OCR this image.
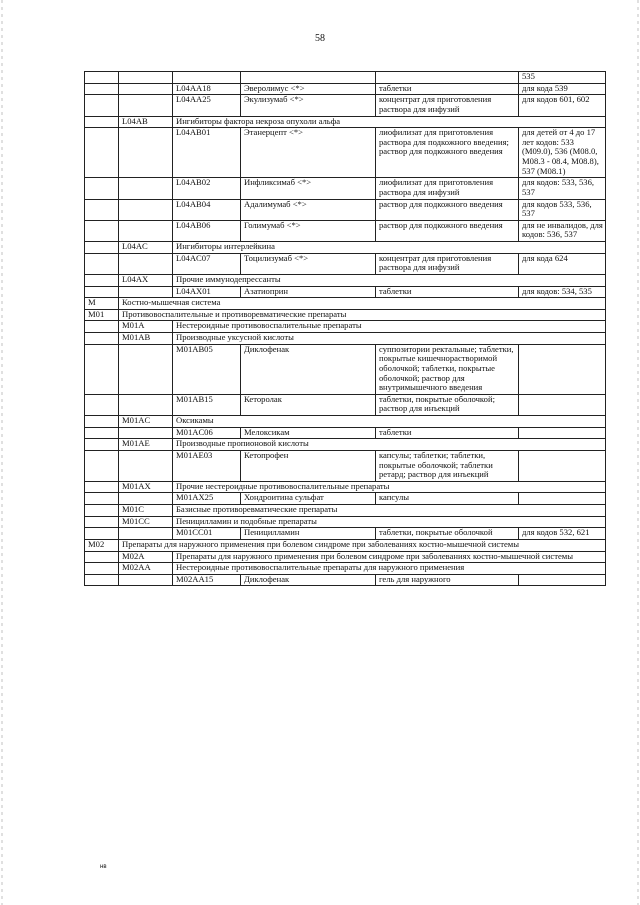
58
					535
		L04AA18	Эверолимус <*>	таблетки	для кода 539
		L04AA25	Экулизумаб <*>	концентрат для приготовления раствора для инфузий	для кодов 601, 602
	L04AB	Ингибиторы фактора некроза опухоли альфа			
		L04AB01	Этанерцепт <*>	лиофилизат для приготовления раствора для подкожного введения; раствор для подкожного введения	для детей от 4 до 17 лет кодов: 533 (M09.0), 536 (M08.0, M08.3 - 08.4, M08.8), 537 (M08.1)
		L04AB02	Инфликсимаб <*>	лиофилизат для приготовления раствора для инфузий	для кодов: 533, 536, 537
		L04AB04	Адалимумаб <*>	раствор для подкожного введения	для кодов 533, 536, 537
		L04AB06	Голимумаб <*>	раствор для подкожного введения	для не инвалидов, для кодов: 536, 537
	L04AC	Ингибиторы интерлейкина			
		L04AC07	Тоцилизумаб <*>	концентрат для приготовления раствора для инфузий	для кода 624
	L04AX	Прочие иммунодепрессанты			
		L04AX01	Азатиоприн	таблетки	для кодов: 534, 535
M	Костно-мышечная система				
M01	Противовоспалительные и противоревматические препараты				
	M01A	Нестероидные противовоспалительные препараты			
	M01AB	Производные уксусной кислоты			
		M01AB05	Диклофенак	суппозитории ректальные; таблетки, покрытые кишечнорастворимой оболочкой; таблетки, покрытые оболочкой; раствор для внутримышечного введения	
		M01AB15	Кеторолак	таблетки, покрытые оболочкой; раствор для инъекций	
	M01AC	Оксикамы			
		M01AC06	Мелоксикам	таблетки	
	M01AE	Производные пропионовой кислоты			
		M01AE03	Кетопрофен	капсулы; таблетки; таблетки, покрытые оболочкой; таблетки ретард; раствор для инъекций	
	M01AX	Прочие нестероидные противовоспалительные препараты			
		M01AX25	Хондроитина сульфат	капсулы	
	M01C	Базисные противоревматические препараты			
	M01CC	Пеницилламин и подобные препараты			
		M01CC01	Пеницилламин	таблетки, покрытые оболочкой	для кодов 532, 621
M02	Препараты для наружного применения при болевом синдроме при заболеваниях костно-мышечной системы				
	M02A	Препараты для наружного применения при болевом синдроме при заболеваниях костно-мышечной системы			
	M02AA	Нестероидные противовоспалительные препараты для наружного применения			
		M02AA15	Диклофенак	гель для наружного	
нв
